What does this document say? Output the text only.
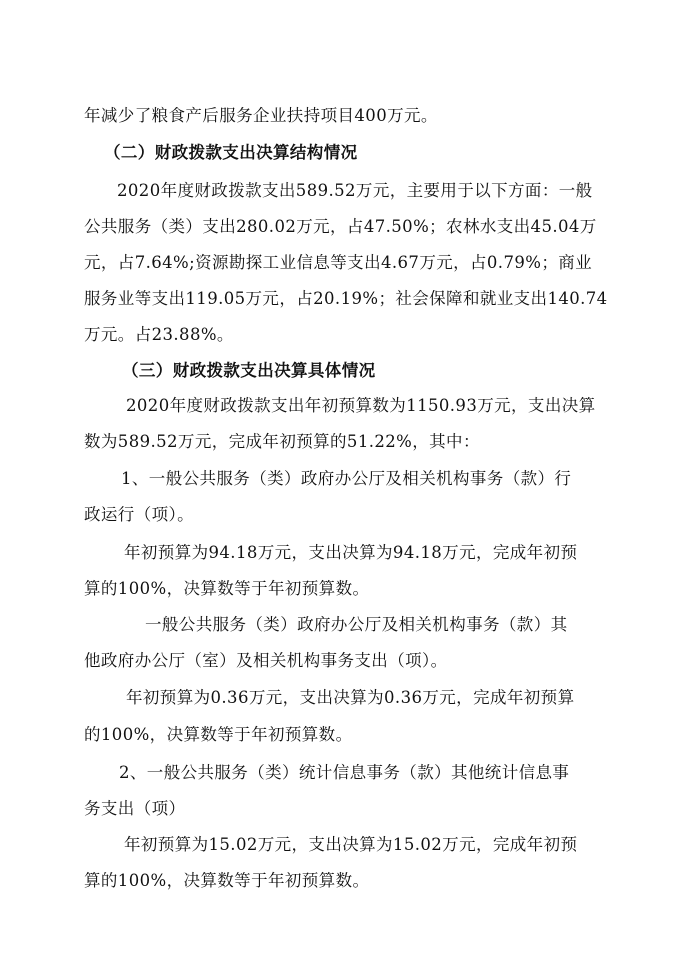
年减少了粮食产后服务企业扶持项目400万元。
（二）财政拨款支出决算结构情况
2020年度财政拨款支出589.52万元，主要用于以下方面：一般
公共服务（类）支出280.02万元，占47.50%；农林水支出45.04万
元，占7.64%;资源勘探工业信息等支出4.67万元，占0.79%；商业
服务业等支出119.05万元，占20.19%；社会保障和就业支出140.74
万元。占23.88%。
（三）财政拨款支出决算具体情况
2020年度财政拨款支出年初预算数为1150.93万元，支出决算
数为589.52万元，完成年初预算的51.22%，其中：
1、一般公共服务（类）政府办公厅及相关机构事务（款）行
政运行（项）。
年初预算为94.18万元，支出决算为94.18万元，完成年初预
算的100%，决算数等于年初预算数。
一般公共服务（类）政府办公厅及相关机构事务（款）其
他政府办公厅（室）及相关机构事务支出（项）。
年初预算为0.36万元，支出决算为0.36万元，完成年初预算
的100%，决算数等于年初预算数。
2、一般公共服务（类）统计信息事务（款）其他统计信息事
务支出（项）
年初预算为15.02万元，支出决算为15.02万元，完成年初预
算的100%，决算数等于年初预算数。
